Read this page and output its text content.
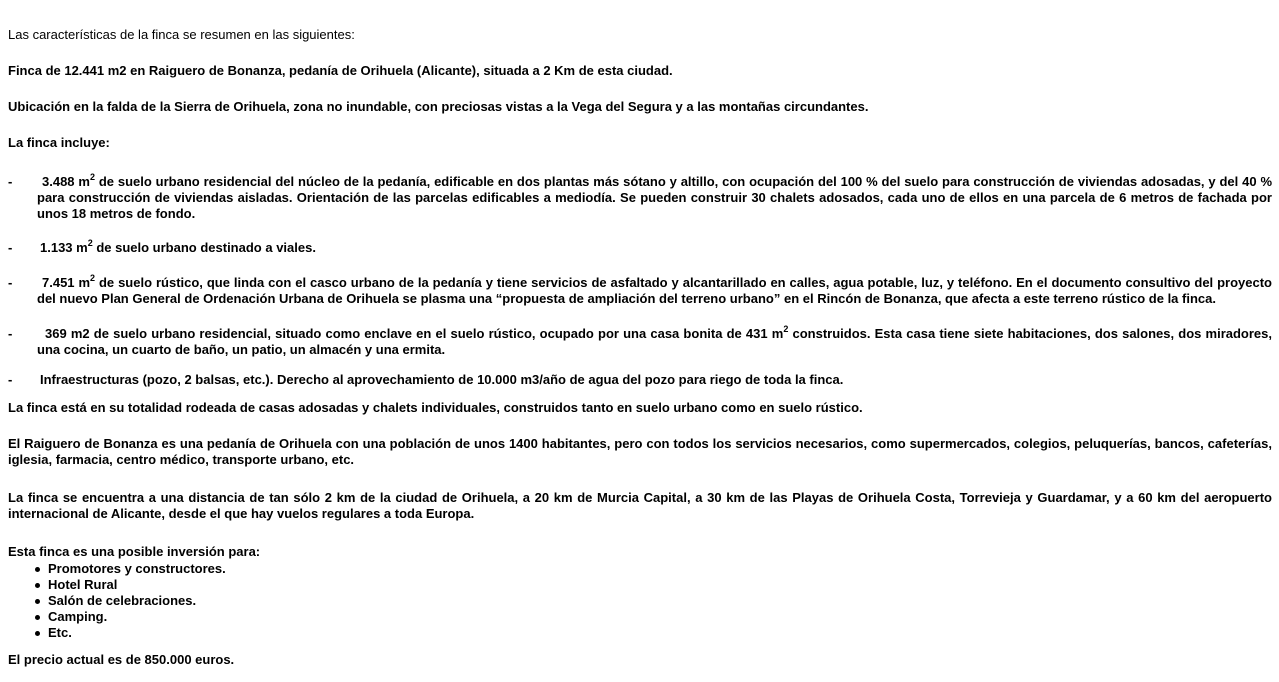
Las características de la finca se resumen en las siguientes:

Finca de 12.441 m2 en Raiguero de Bonanza, pedanía de Orihuela (Alicante), situada a 2 Km de esta ciudad.

Ubicación en la falda de la Sierra de Orihuela, zona no inundable, con preciosas vistas a la Vega del Segura y a las montañas circundantes.

La finca incluye:

-	3.488 $m^2$ de suelo urbano residencial del núcleo de la pedanía, edificable en dos plantas más sótano y altillo, con ocupación del 100 % del suelo para construcción de viviendas adosadas, y del 40 % para construcción de viviendas aisladas. Orientación de las parcelas edificables a mediodía. Se pueden construir 30 chalets adosados, cada uno de ellos en una parcela de 6 metros de fachada por unos 18 metros de fondo.
- 1.133 $m^2$ de suelo urbano destinado a viales.
-	7.451 $m^2$ de suelo rústico, que linda con el casco urbano de la pedanía y tiene servicios de asfaltado y alcantarillado en calles, agua potable, luz, y teléfono. En el documento consultivo del proyecto del nuevo Plan General de Ordenación Urbana de Orihuela se plasma una “propuesta de ampliación del terreno urbano” en el Rincón de Bonanza, que afecta a este terreno rústico de la finca.
-	369 m2 de suelo urbano residencial, situado como enclave en el suelo rústico, ocupado por una casa bonita de 431 $m^2$ construidos. Esta casa tiene siete habitaciones, dos salones, dos miradores, una cocina, un cuarto de baño, un patio, un almacén y una ermita.
- Infraestructuras (pozo, 2 balsas, etc.). Derecho al aprovechamiento de 10.000 m3/año de agua del pozo para riego de toda la finca.

La finca está en su totalidad rodeada de casas adosadas y chalets individuales, construidos tanto en suelo urbano como en suelo rústico.

El Raiguero de Bonanza es una pedanía de Orihuela con una población de unos 1400 habitantes, pero con todos los servicios necesarios, como supermercados, colegios, peluquerías, bancos, cafeterías, iglesia, farmacia, centro médico, transporte urbano, etc.

La finca se encuentra a una distancia de tan sólo 2 km de la ciudad de Orihuela, a 20 km de Murcia Capital, a 30 km de las Playas de Orihuela Costa, Torrevieja y Guardamar, y a 60 km del aeropuerto internacional de Alicante, desde el que hay vuelos regulares a toda Europa.

Esta finca es una posible inversión para:

Promotores y constructores.
Hotel Rural
Salón de celebraciones.
Camping.
Etc.

El precio actual es de 850.000 euros.
